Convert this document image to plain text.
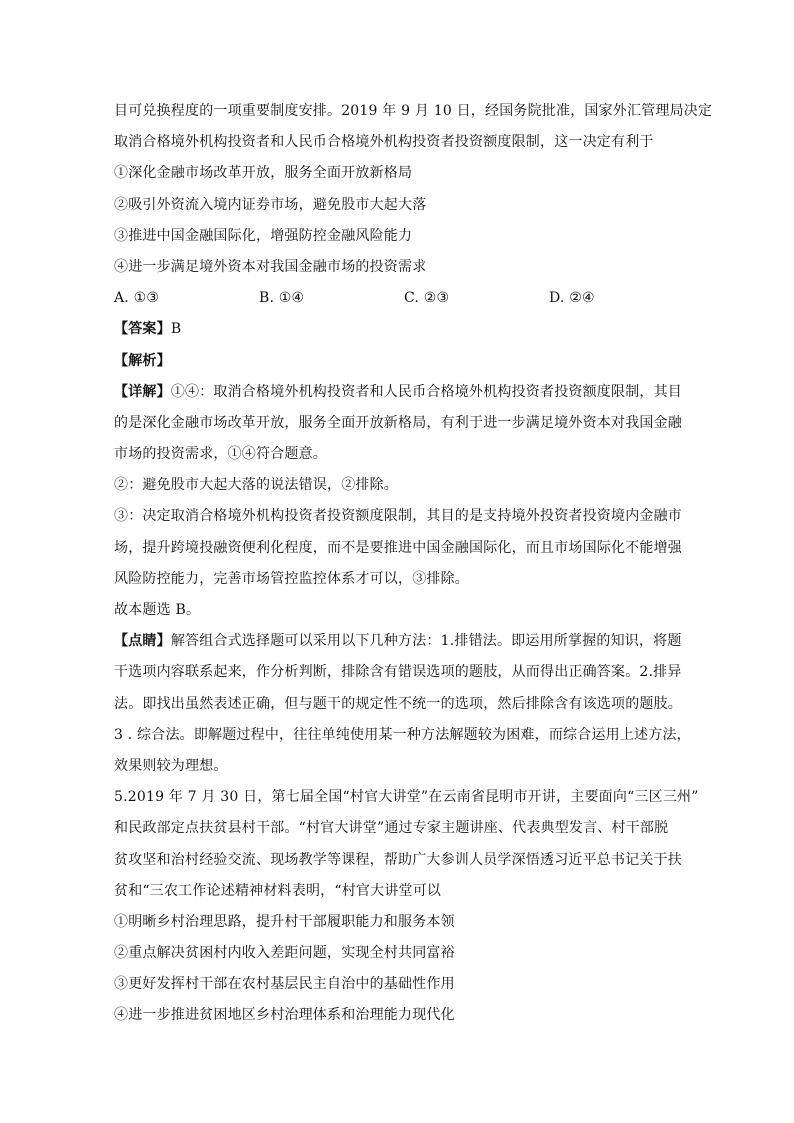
目可兑换程度的一项重要制度安排。2019 年 9 月 10 日，经国务院批准，国家外汇管理局决定
取消合格境外机构投资者和人民币合格境外机构投资者投资额度限制，这一决定有利于
①深化金融市场改革开放，服务全面开放新格局
②吸引外资流入境内证券市场，避免股市大起大落
③推进中国金融国际化，增强防控金融风险能力
④进一步满足境外资本对我国金融市场的投资需求
A. ①③	B. ①④	C. ②③	D. ②④
【答案】B
【解析】
【详解】①④：取消合格境外机构投资者和人民币合格境外机构投资者投资额度限制，其目
的是深化金融市场改革开放，服务全面开放新格局，有利于进一步满足境外资本对我国金融
市场的投资需求，①④符合题意。
②：避免股市大起大落的说法错误，②排除。
③：决定取消合格境外机构投资者投资额度限制，其目的是支持境外投资者投资境内金融市
场，提升跨境投融资便利化程度，而不是要推进中国金融国际化，而且市场国际化不能增强
风险防控能力，完善市场管控监控体系才可以，③排除。
故本题选 B。
【点睛】解答组合式选择题可以采用以下几种方法：1.排错法。即运用所掌握的知识，将题
干选项内容联系起来，作分析判断，排除含有错误选项的题肢，从而得出正确答案。2.排异
法。即找出虽然表述正确，但与题干的规定性不统一的选项，然后排除含有该选项的题肢。
3 . 综合法。即解题过程中，往往单纯使用某一种方法解题较为困难，而综合运用上述方法，
效果则较为理想。
5.2019 年 7 月 30 日，第七届全国“村官大讲堂”在云南省昆明市开讲，主要面向“三区三州”
和民政部定点扶贫县村干部。“村官大讲堂”通过专家主题讲座、代表典型发言、村干部脱
贫攻坚和治村经验交流、现场教学等课程，帮助广大参训人员学深悟透习近平总书记关于扶
贫和“三农工作论述精神材料表明，“村官大讲堂可以
①明晰乡村治理思路，提升村干部履职能力和服务本领
②重点解决贫困村内收入差距问题，实现全村共同富裕
③更好发挥村干部在农村基层民主自治中的基础性作用
④进一步推进贫困地区乡村治理体系和治理能力现代化
